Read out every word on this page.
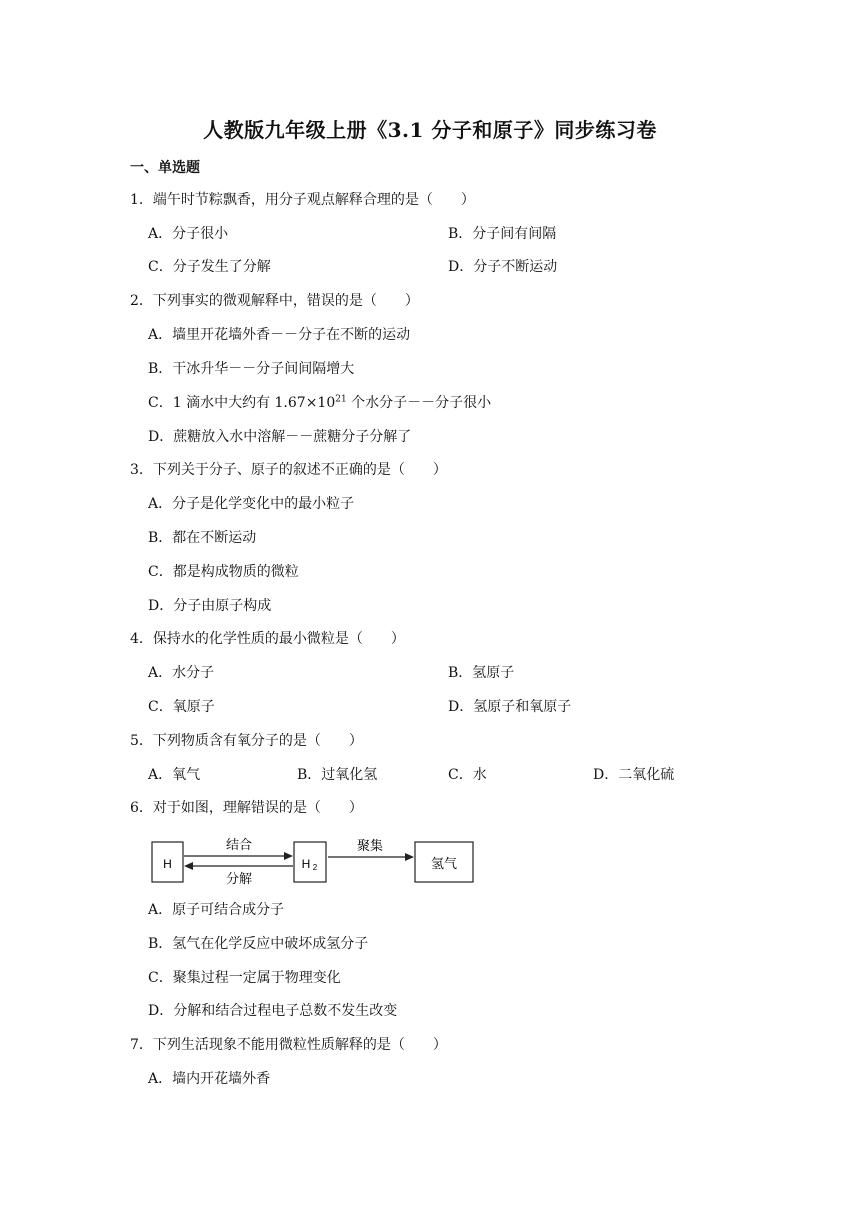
人教版九年级上册《3.1 分子和原子》同步练习卷
一、单选题
1．端午时节粽飘香，用分子观点解释合理的是（　　）
A．分子很小	B．分子间有间隔
C．分子发生了分解	D．分子不断运动
2．下列事实的微观解释中，错误的是（　　）
A．墙里开花墙外香－－分子在不断的运动
B．干冰升华－－分子间间隔增大
C．1 滴水中大约有 $1.67\times 10^{21}$ 个水分子－－分子很小
D．蔗糖放入水中溶解－－蔗糖分子分解了
3．下列关于分子、原子的叙述不正确的是（　　）
A．分子是化学变化中的最小粒子
B．都在不断运动
C．都是构成物质的微粒
D．分子由原子构成
4．保持水的化学性质的最小微粒是（　　）
A．水分子	B．氢原子
C．氧原子	D．氢原子和氧原子
5．下列物质含有氧分子的是（　　）
A．氧气	B．过氧化氢	C．水	D．二氧化硫
6．对于如图，理解错误的是（　　）
H	H 2	氢气
结合
分解
聚集
A．原子可结合成分子
B．氢气在化学反应中破坏成氢分子
C．聚集过程一定属于物理变化
D．分解和结合过程电子总数不发生改变
7．下列生活现象不能用微粒性质解释的是（　　）
A．墙内开花墙外香
